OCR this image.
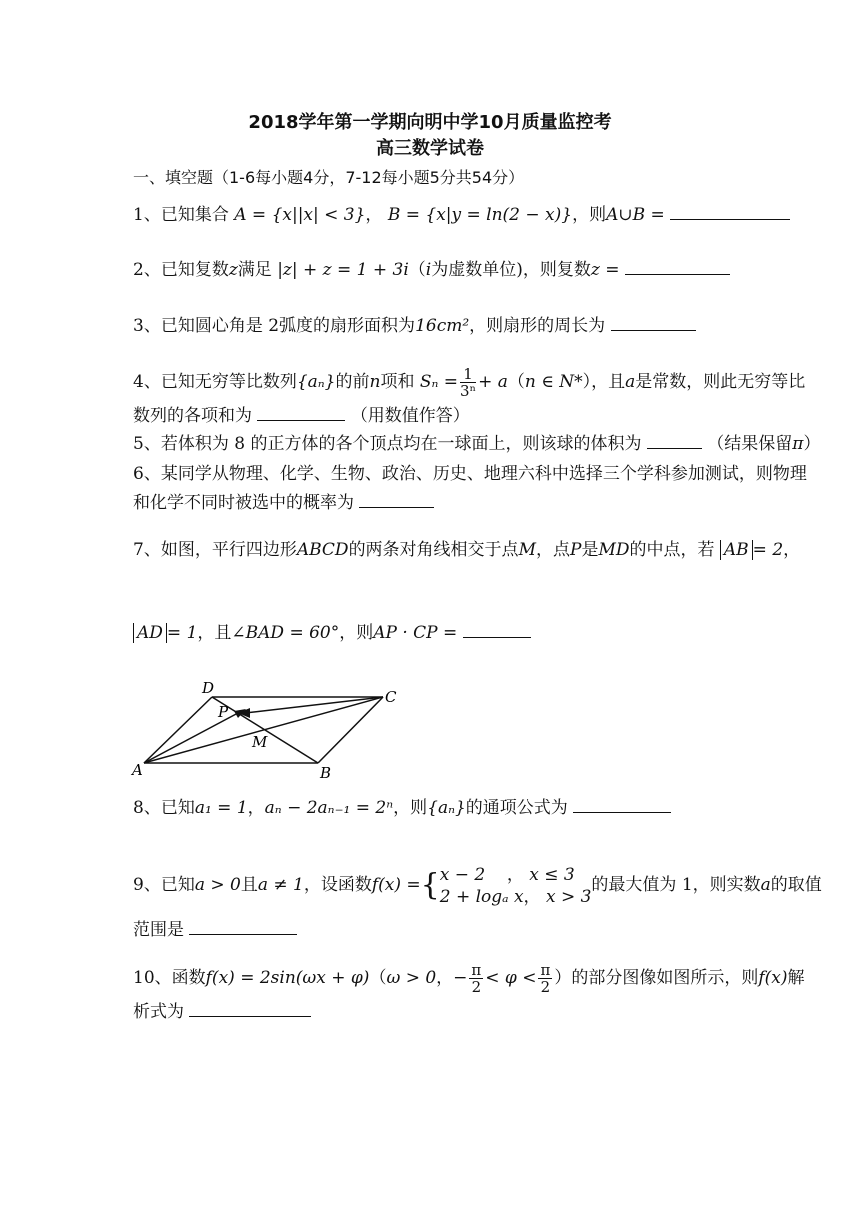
2018学年第一学期向明中学10月质量监控考
高三数学试卷
一、填空题（1-6每小题4分，7-12每小题5分共54分）
1、已知集合 A = {x||x| < 3}， B = {x|y = ln(2 − x)}，则A∪B =
2、已知复数z满足 |z| + z = 1 + 3i（i为虚数单位)，则复数z =
3、已知圆心角是 2弧度的扇形面积为16cm²，则扇形的周长为
4、已知无穷等比数列{aₙ}的前n项和 $S_n = \frac{1}{\text{3ⁿ}} + a(n$ ∈ N*），且a是常数，则此无穷等比
数列的各项和为	（用数值作答）
5、若体积为 8 的正方体的各个顶点均在一球面上，则该球的体积为	（结果保留π）
6、某同学从物理、化学、生物、政治、历史、地理六科中选择三个学科参加测试，则物理
和化学不同时被选中的概率为
7、如图，平行四边形ABCD的两条对角线相交于点M，点P是MD的中点，若 AB = 2，
AD = 1，且∠BAD = 60°，则AP · CP =
A	B
C
D
M
P
8、已知a₁ = 1，aₙ − 2aₙ₋₁ = 2ⁿ，则{aₙ}的通项公式为
9、已知a > 0且a ≠ 1，设函数f(x) ={ x − 2 ， x ≤ 3
2 + logₐ x， x > 3
的最大值为 1，则实数a的取值
范围是
10、函数f(x) = 2sin(ωx + φ)（ω > 0，− $\frac{\pi}{2} < \varphi < \frac{\pi}{2}$ ）的部分图像如图所示，则f(x)解
析式为
